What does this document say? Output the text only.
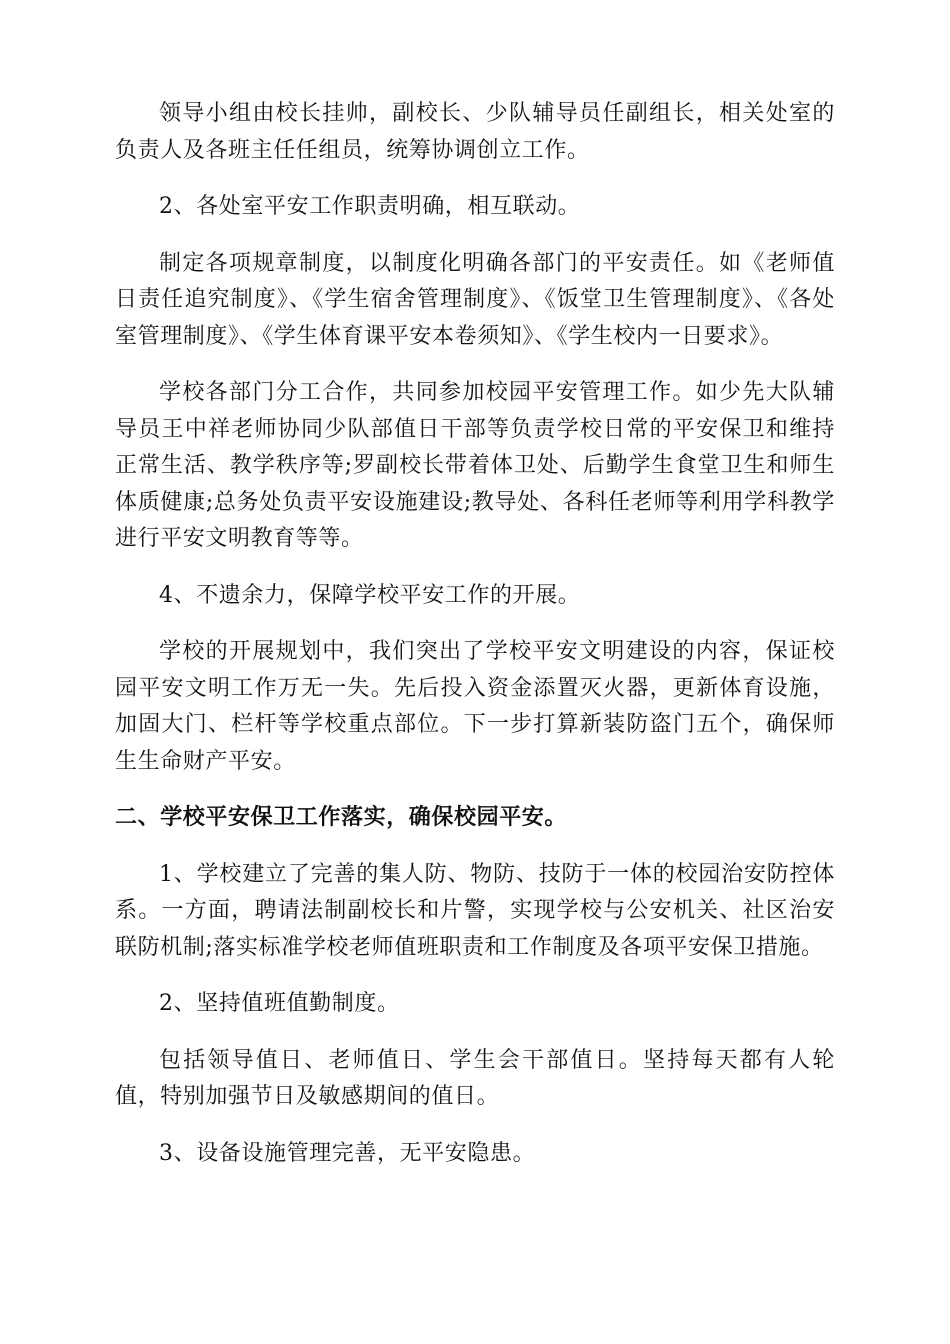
领导小组由校长挂帅，副校长、少队辅导员任副组长，相关处室的负责人及各班主任任组员，统筹协调创立工作。

2、各处室平安工作职责明确，相互联动。

制定各项规章制度，以制度化明确各部门的平安责任。如《老师值日责任追究制度》、《学生宿舍管理制度》、《饭堂卫生管理制度》、《各处室管理制度》、《学生体育课平安本卷须知》、《学生校内一日要求》。

学校各部门分工合作，共同参加校园平安管理工作。如少先大队辅导员王中祥老师协同少队部值日干部等负责学校日常的平安保卫和维持正常生活、教学秩序等;罗副校长带着体卫处、后勤学生食堂卫生和师生体质健康;总务处负责平安设施建设;教导处、各科任老师等利用学科教学进行平安文明教育等等。

4、不遗余力，保障学校平安工作的开展。

学校的开展规划中，我们突出了学校平安文明建设的内容，保证校园平安文明工作万无一失。先后投入资金添置灭火器，更新体育设施，加固大门、栏杆等学校重点部位。下一步打算新装防盗门五个，确保师生生命财产平安。

二、学校平安保卫工作落实，确保校园平安。

1、学校建立了完善的集人防、物防、技防于一体的校园治安防控体系。一方面，聘请法制副校长和片警，实现学校与公安机关、社区治安联防机制;落实标准学校老师值班职责和工作制度及各项平安保卫措施。

2、坚持值班值勤制度。

包括领导值日、老师值日、学生会干部值日。坚持每天都有人轮值，特别加强节日及敏感期间的值日。

3、设备设施管理完善，无平安隐患。
